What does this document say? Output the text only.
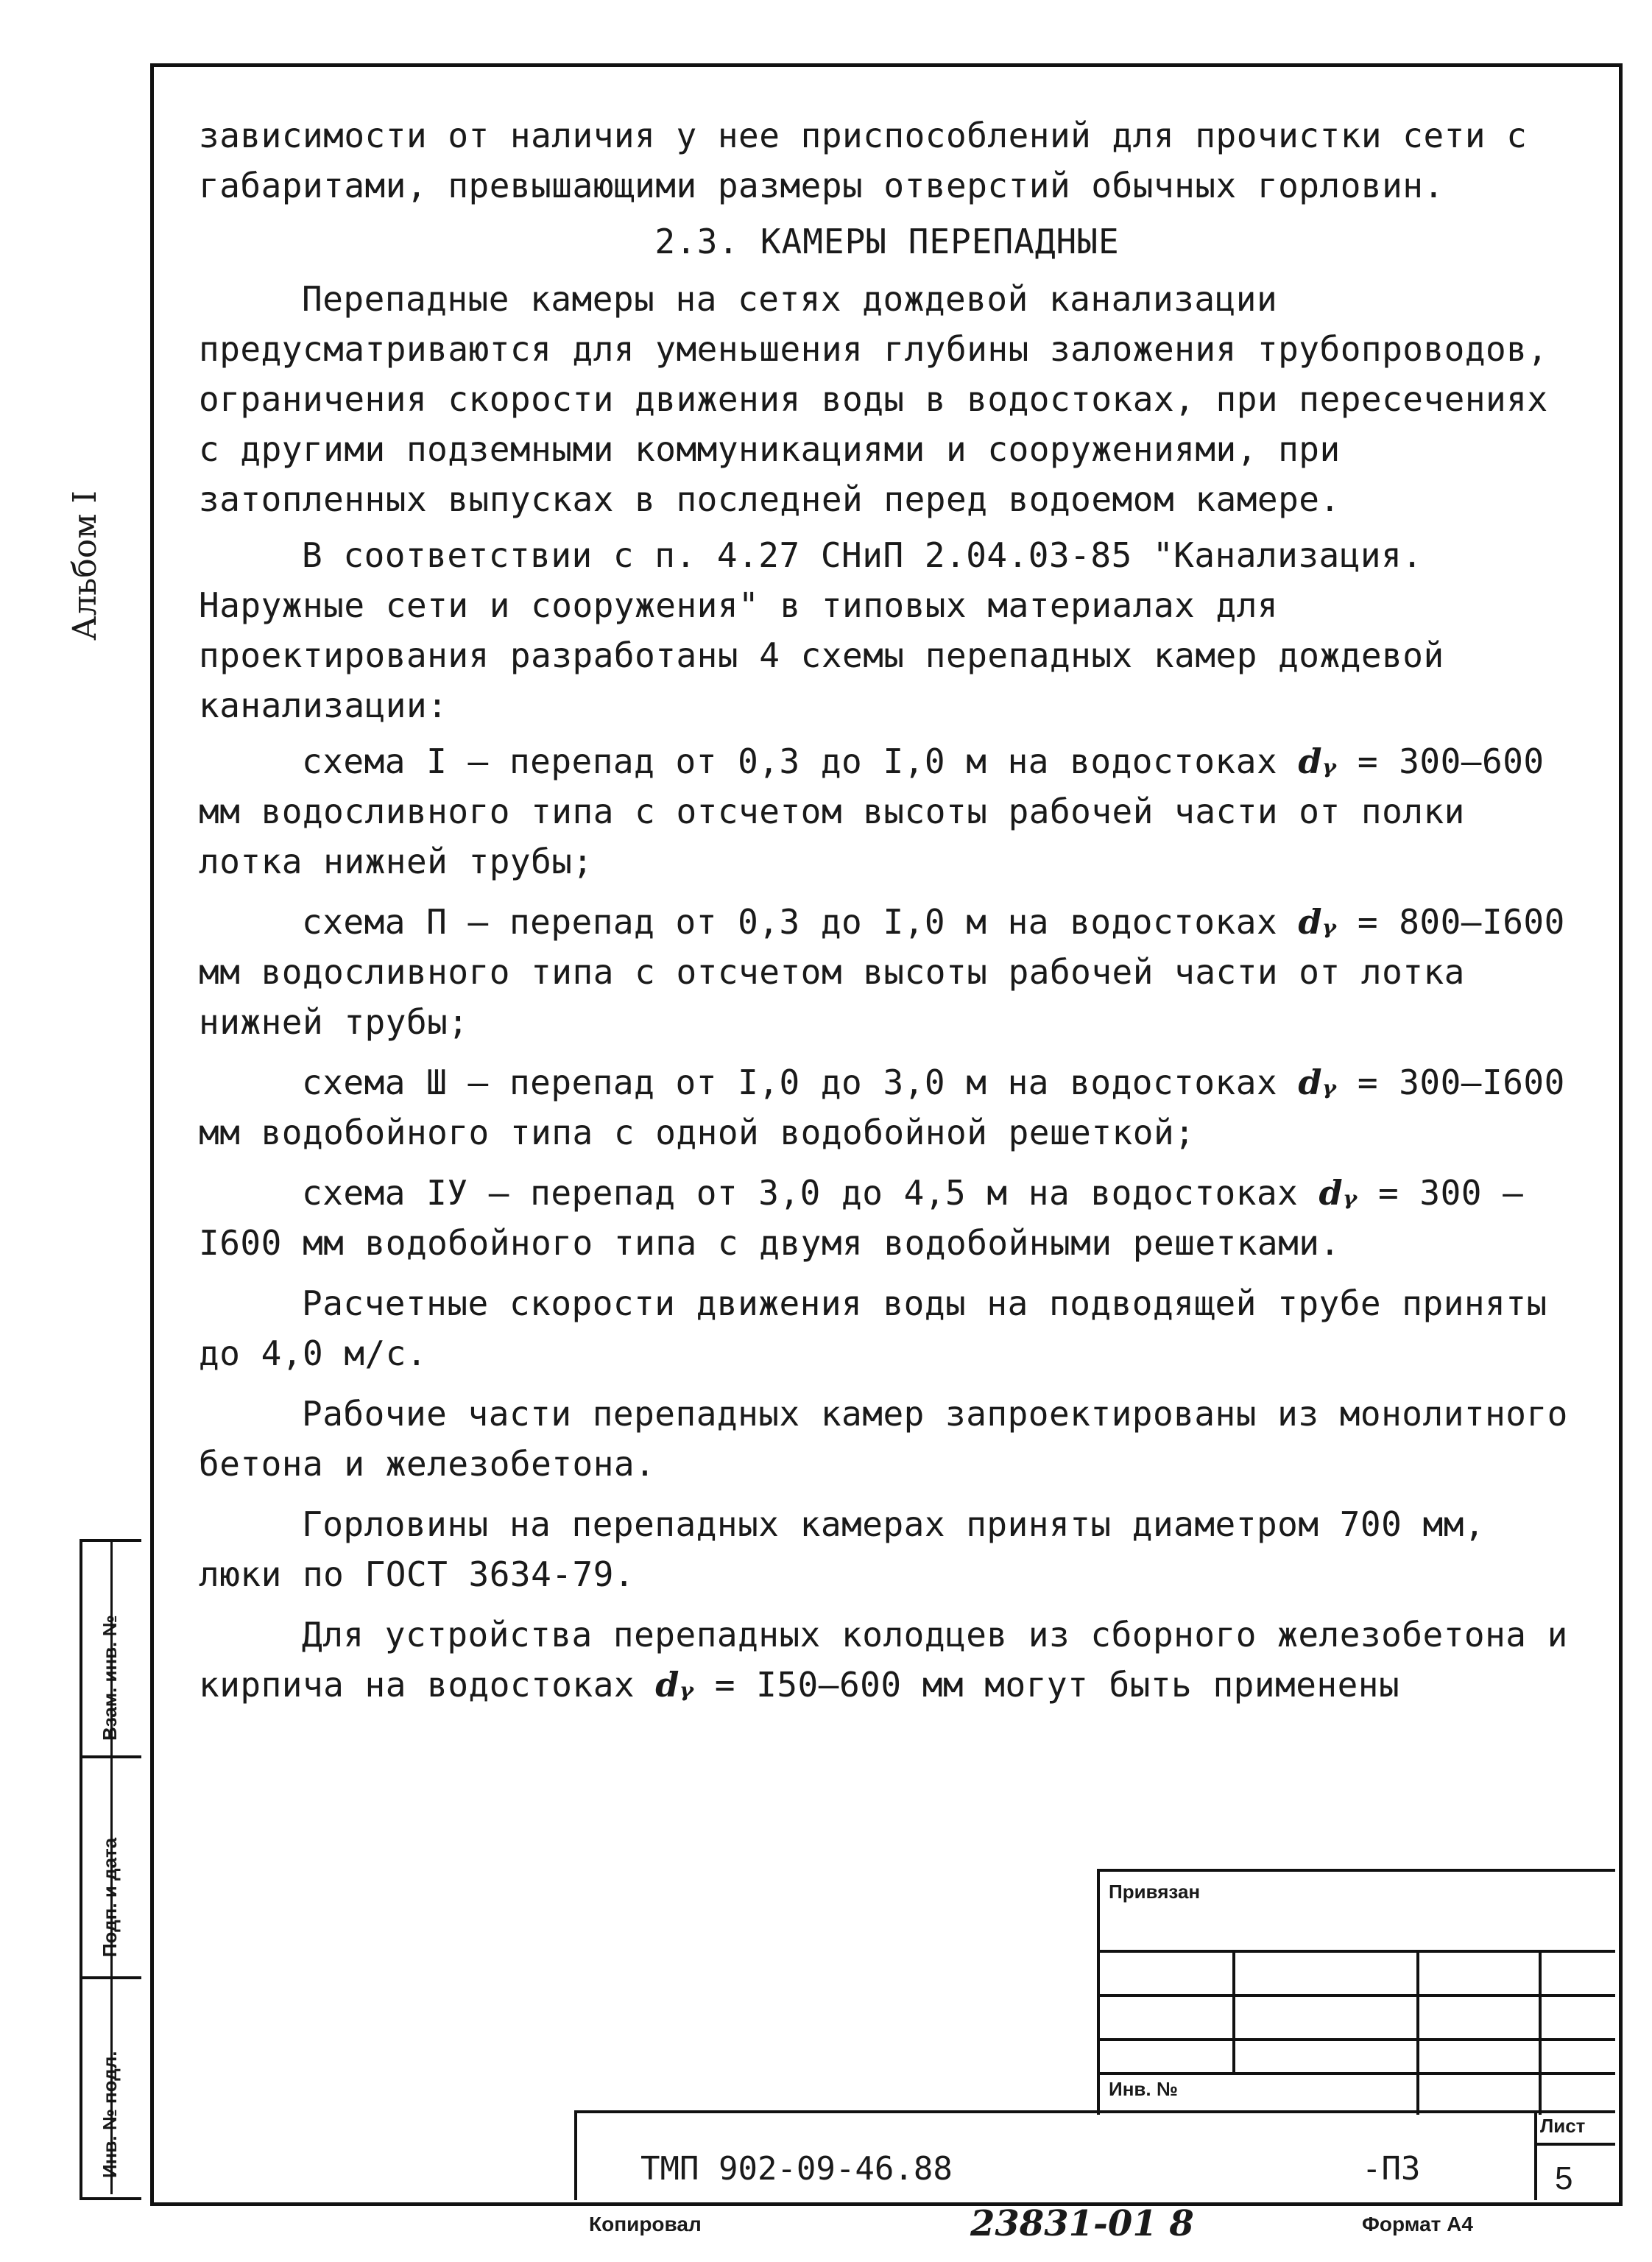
Альбом I

зависимости от наличия у нее приспособлений для прочистки сети с габаритами, превышающими размеры отверстий обычных горловин.

2.3. КАМЕРЫ ПЕРЕПАДНЫЕ

Перепадные камеры на сетях дождевой канализации предусматриваются для уменьшения глубины заложения трубопроводов, ограничения скорости движения воды в водостоках, при пересечениях с другими подземными коммуникациями и сооружениями, при затопленных выпусках в последней перед водоемом камере.

В соответствии с п. 4.27 СНиП 2.04.03-85 "Канализация. Наружные сети и сооружения" в типовых материалах для проектирования разработаны 4 схемы перепадных камер дождевой канализации:

схема I – перепад от 0,3 до I,0 м на водостоках dᵧ = 300–600 мм водосливного типа с отсчетом высоты рабочей части от полки лотка нижней трубы;

схема П – перепад от 0,3 до I,0 м на водостоках dᵧ = 800–I600 мм водосливного типа с отсчетом высоты рабочей части от лотка нижней трубы;

схема Ш – перепад от I,0 до 3,0 м на водостоках dᵧ = 300–I600 мм водобойного типа с одной водобойной решеткой;

схема IУ – перепад от 3,0 до 4,5 м на водостоках dᵧ = 300 – I600 мм водобойного типа с двумя водобойными решетками.

Расчетные скорости движения воды на подводящей трубе приняты до 4,0 м/с.

Рабочие части перепадных камер запроектированы из монолитного бетона и железобетона.

Горловины на перепадных камерах приняты диаметром 700 мм, люки по ГОСТ 3634-79.

Для устройства перепадных колодцев из сборного железобетона и кирпича на водостоках dᵧ = I50–600 мм могут быть применены

Взам. инв. №
Подп. и дата
Инв. № подл.
Привязан
Инв. №
ТМП 902-09-46.88	-ПЗ
Лист
5
Копировал	23831-01 8	Формат А4
